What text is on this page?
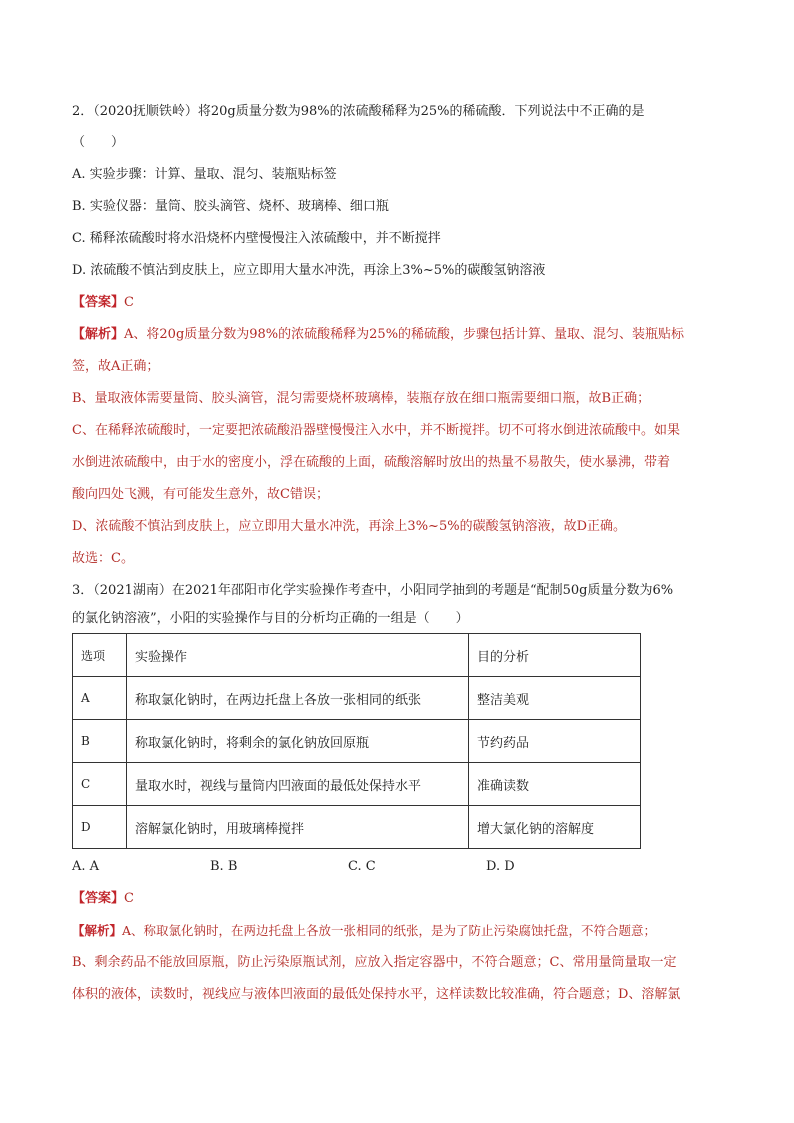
2．（2020抚顺铁岭）将20g质量分数为98%的浓硫酸稀释为25%的稀硫酸．下列说法中不正确的是
（　　）
A. 实验步骤：计算、量取、混匀、装瓶贴标签
B. 实验仪器：量筒、胶头滴管、烧杯、玻璃棒、细口瓶
C. 稀释浓硫酸时将水沿烧杯内壁慢慢注入浓硫酸中，并不断搅拌
D. 浓硫酸不慎沾到皮肤上，应立即用大量水冲洗，再涂上3%~5%的碳酸氢钠溶液
【答案】C
【解析】A、将20g质量分数为98%的浓硫酸稀释为25%的稀硫酸，步骤包括计算、量取、混匀、装瓶贴标
签，故A正确；
B、量取液体需要量筒、胶头滴管，混匀需要烧杯玻璃棒，装瓶存放在细口瓶需要细口瓶，故B正确；
C、在稀释浓硫酸时，一定要把浓硫酸沿器壁慢慢注入水中，并不断搅拌。切不可将水倒进浓硫酸中。如果
水倒进浓硫酸中，由于水的密度小，浮在硫酸的上面，硫酸溶解时放出的热量不易散失，使水暴沸，带着
酸向四处飞溅，有可能发生意外，故C错误；
D、浓硫酸不慎沾到皮肤上，应立即用大量水冲洗，再涂上3%~5%的碳酸氢钠溶液，故D正确。
故选：C。
3．（2021湖南）在2021年邵阳市化学实验操作考查中，小阳同学抽到的考题是“配制50g质量分数为6%
的氯化钠溶液”，小阳的实验操作与目的分析均正确的一组是（　　）
选项	实验操作	目的分析
A	称取氯化钠时，在两边托盘上各放一张相同的纸张	整洁美观
B	称取氯化钠时，将剩余的氯化钠放回原瓶	节约药品
C	量取水时，视线与量筒内凹液面的最低处保持水平	准确读数
D	溶解氯化钠时，用玻璃棒搅拌	增大氯化钠的溶解度
A. A	B. B	C. C	D. D
【答案】C
【解析】A、称取氯化钠时，在两边托盘上各放一张相同的纸张，是为了防止污染腐蚀托盘，不符合题意；
B、剩余药品不能放回原瓶，防止污染原瓶试剂，应放入指定容器中，不符合题意；C、常用量筒量取一定
体积的液体，读数时，视线应与液体凹液面的最低处保持水平，这样读数比较准确，符合题意；D、溶解氯
